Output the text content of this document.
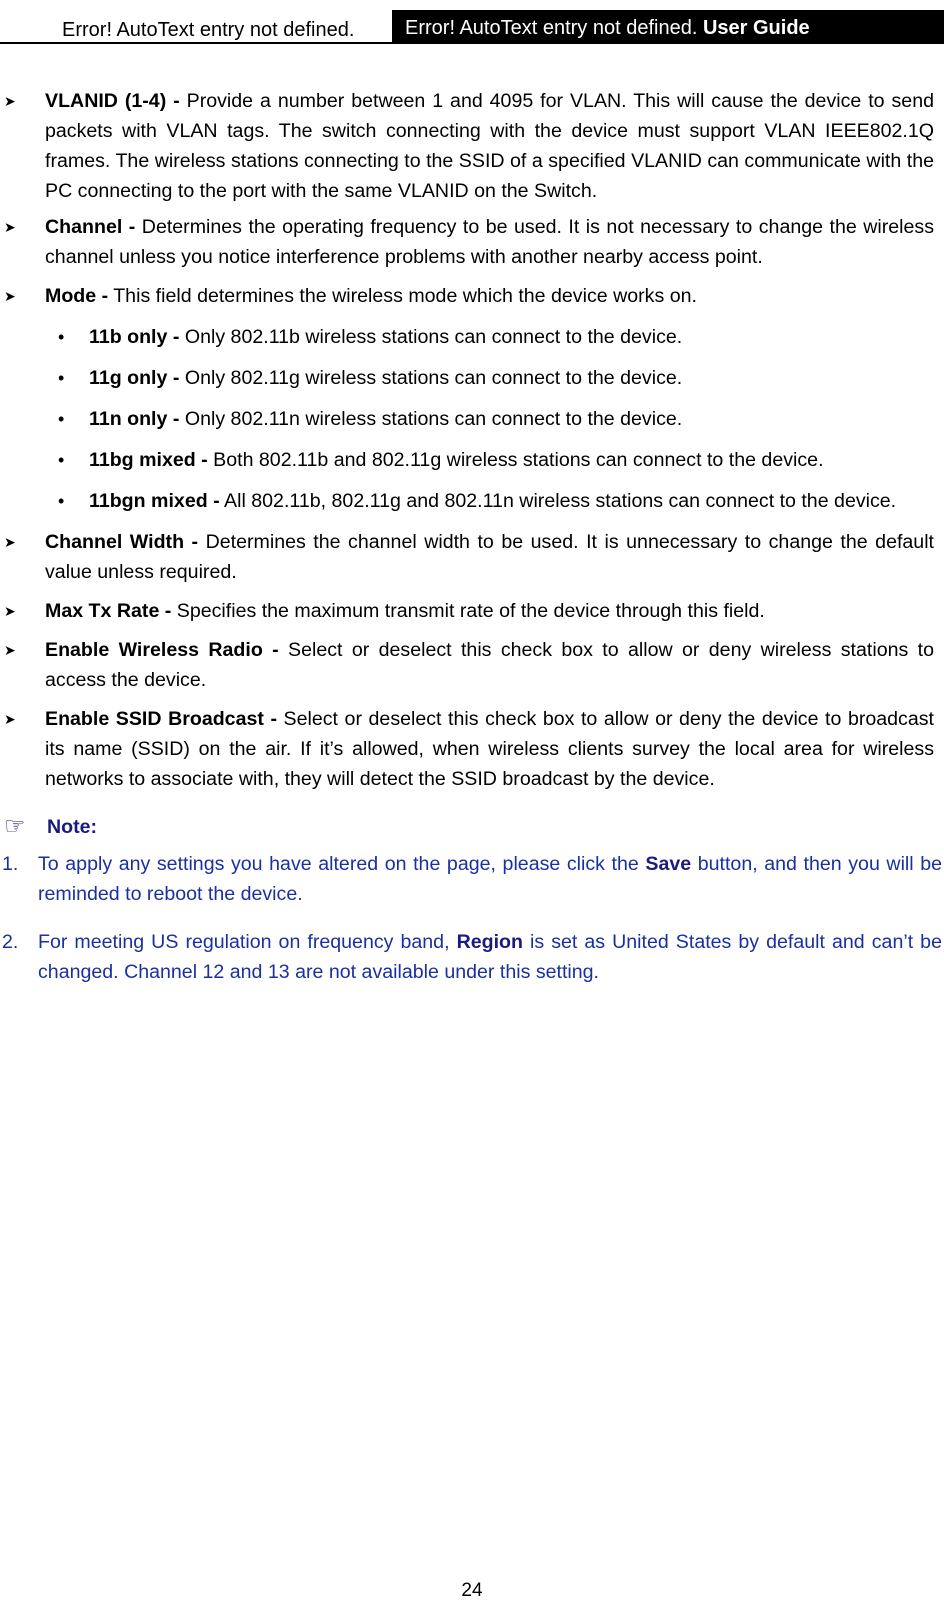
Error! AutoText entry not defined.	Error! AutoText entry not defined. User Guide
➤	VLANID (1-4) - Provide a number between 1 and 4095 for VLAN. This will cause the device to send packets with VLAN tags. The switch connecting with the device must support VLAN IEEE802.1Q frames. The wireless stations connecting to the SSID of a specified VLANID can communicate with the PC connecting to the port with the same VLANID on the Switch.
➤	Channel - Determines the operating frequency to be used. It is not necessary to change the wireless channel unless you notice interference problems with another nearby access point.
➤	Mode - This field determines the wireless mode which the device works on.
• 11b only - Only 802.11b wireless stations can connect to the device.
• 11g only - Only 802.11g wireless stations can connect to the device.
• 11n only - Only 802.11n wireless stations can connect to the device.
• 11bg mixed - Both 802.11b and 802.11g wireless stations can connect to the device.
• 11bgn mixed - All 802.11b, 802.11g and 802.11n wireless stations can connect to the device.
➤	Channel Width - Determines the channel width to be used. It is unnecessary to change the default value unless required.
➤	Max Tx Rate - Specifies the maximum transmit rate of the device through this field.
➤	Enable Wireless Radio - Select or deselect this check box to allow or deny wireless stations to access the device.
➤	Enable SSID Broadcast - Select or deselect this check box to allow or deny the device to broadcast its name (SSID) on the air. If it’s allowed, when wireless clients survey the local area for wireless networks to associate with, they will detect the SSID broadcast by the device.
☞ Note:
1. To apply any settings you have altered on the page, please click the Save button, and then you will be reminded to reboot the device.
2. For meeting US regulation on frequency band, Region is set as United States by default and can’t be changed. Channel 12 and 13 are not available under this setting.
24
